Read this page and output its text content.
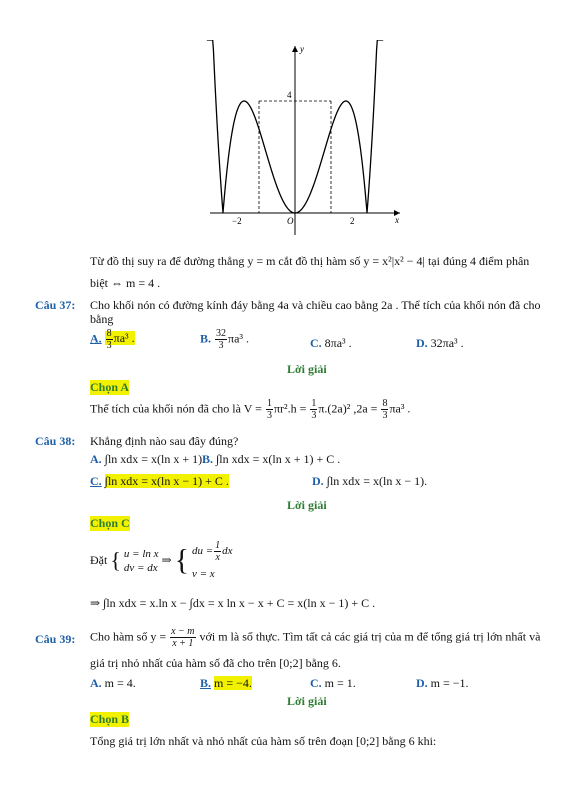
y
x
O
−2	2
4
Từ đồ thị suy ra để đường thẳng y = m cắt đồ thị hàm số y = x²|x² − 4| tại đúng 4 điểm phân
biệt ⇔ m = 4 .
Câu 37: Cho khối nón có đường kính đáy bằng 4a và chiều cao bằng 2a . Thể tích của khối nón đã cho
bằng
A. $\frac{8}{3} \pi a^3$ .	B. $\frac{32}{3} \pi a^3$ .	C. 8πa³ .	D. 32πa³ .
Lời giải
Chọn A
Thể tích của khối nón đã cho là $V = \frac{1}{3} \pi r^2.h = \frac{1}{3} \pi.(2a)^2$ $,2a = \frac{8}{3} \pi a^3$ .
Câu 38: Khẳng định nào sau đây đúng?
A. ∫ln xdx = x(ln x + 1).
B. ∫ln xdx = x(ln x + 1) + C .
C. ∫ln xdx = x(ln x − 1) + C .	D. ∫ln xdx = x(ln x − 1).
Lời giải
Chọn C
Đặt { u = ln x
dv = dx
⇒ { du = $\frac{1}{x}$ dx
v = x
⇒ ∫ln xdx = x.ln x − ∫dx = x ln x − x + C = x(ln x − 1) + C .
Câu 39: Cho hàm số $y = \frac{x - m}{x + 1}$ với m là số thực. Tìm tất cả các giá trị của m để tổng giá trị lớn nhất và
giá trị nhỏ nhất của hàm số đã cho trên [0;2] bằng 6.
A. m = 4.	B. m = −4.	C. m = 1.	D. m = −1.
Lời giải
Chọn B
Tổng giá trị lớn nhất và nhỏ nhất của hàm số trên đoạn [0;2] bằng 6 khi:
